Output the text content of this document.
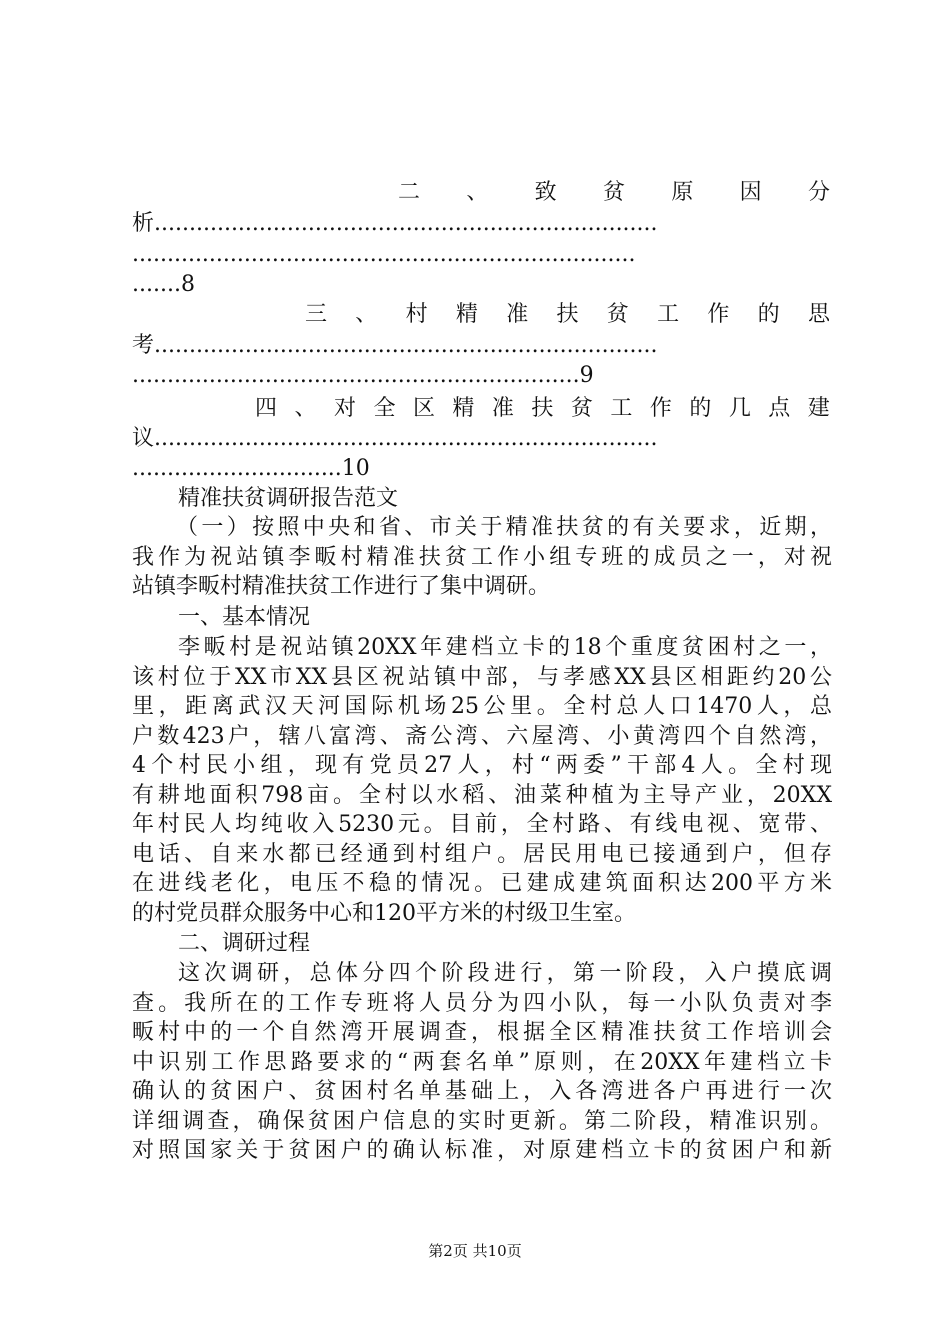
二 、 致 贫 原 因 分
析........................................................................
........................................................................
.......8
三 、 村 精 准 扶 贫 工 作 的 思
考........................................................................
................................................................9
四 、 对 全 区 精 准 扶 贫 工 作 的 几 点 建
议........................................................................
..............................10

精准扶贫调研报告范文

（一）按照中央和省、市关于精准扶贫的有关要求，近期，

我作为祝站镇李畈村精准扶贫工作小组专班的成员之一，对祝

站镇李畈村精准扶贫工作进行了集中调研。

一、基本情况

李畈村是祝站镇20XX年建档立卡的18个重度贫困村之一，

该村位于XX市XX县区祝站镇中部，与孝感XX县区相距约20公

里，距离武汉天河国际机场25公里。全村总人口1470人，总

户数423户，辖八富湾、斋公湾、六屋湾、小黄湾四个自然湾，

4个村民小组，现有党员27人，村“两委”干部4人。全村现

有耕地面积798亩。全村以水稻、油菜种植为主导产业，20XX

年村民人均纯收入5230元。目前，全村路、有线电视、宽带、

电话、自来水都已经通到村组户。居民用电已接通到户，但存

在进线老化，电压不稳的情况。已建成建筑面积达200平方米

的村党员群众服务中心和120平方米的村级卫生室。

二、调研过程

这次调研，总体分四个阶段进行，第一阶段，入户摸底调

查。我所在的工作专班将人员分为四小队，每一小队负责对李

畈村中的一个自然湾开展调查，根据全区精准扶贫工作培训会

中识别工作思路要求的“两套名单”原则，在20XX年建档立卡

确认的贫困户、贫困村名单基础上，入各湾进各户再进行一次

详细调查，确保贫困户信息的实时更新。第二阶段，精准识别。

对照国家关于贫困户的确认标准，对原建档立卡的贫困户和新

第2页 共10页
